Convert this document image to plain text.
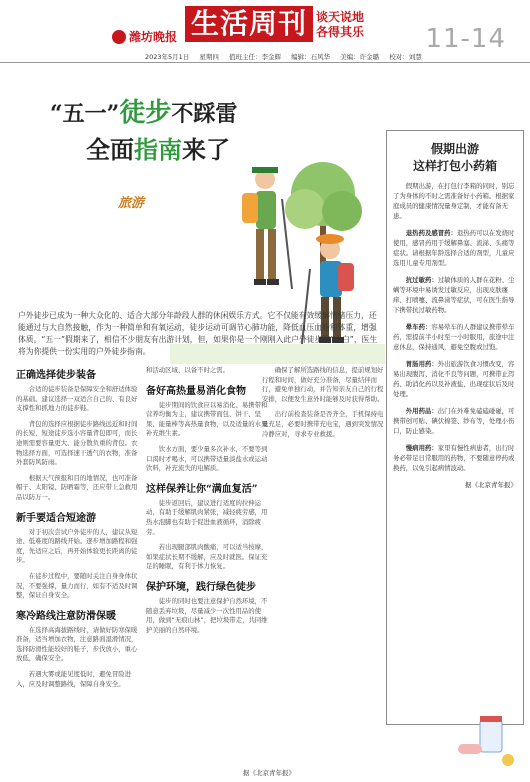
潍坊晚报 生活周刊 谈天说地
各得其乐 11-14
2023年5月1日 星期四 值班主任：李金辉 编辑：石风华 美编：许金璐 校对：刘慧
“五一”徒步不踩雷
全面指南来了
旅游
户外徒步已成为一种大众化的、适合大部分年龄段人群的休闲娱乐方式。它不仅能有效缓解情绪压力，还能通过与大自然接触，作为一种简单和有氧运动，徒步运动可调节心肺功能，降低血压血脂和体重，增强体质。“五一”假期来了，相信不少朋友有出游计划，但，如果你是一个刚刚入此户外徒步的“小白”，医生将为你提供一份实用的户外徒步指南。
假期出游
这样打包小药箱

假期出游，在打包行李箱的同时，别忘了为身体的不时之需准备好小药箱。根据家庭成员的健康情况量身定制，才能有备无患。

退热药及感冒药：退热药可以在发烧时使用，感冒药用于缓解鼻塞、流涕、头痛等症状。请根据年龄选择合适的剂型，儿童应选用儿童专用剂型。

抗过敏药：过敏体质的人群在花粉、尘螨等环境中易诱发过敏反应，出现皮肤瘙痒、打喷嚏、流鼻涕等症状，可在医生指导下携带抗过敏药物。

晕车药：容易晕车的人群建议携带晕车药，需提前半小时至一小时服用，旅途中注意休息，保持通风，避免空腹或过饱。

胃肠用药：外出旅游饮食习惯改变，容易出现腹泻、消化不良等问题，可携带止泻药、助消化药以及补液盐，出现症状后及时处理。

外用药品：出门在外难免磕磕碰碰，可携带创可贴、碘伏棉签、纱布等，处理小伤口，防止感染。

慢病用药：家里有慢性病患者，出行时务必带足日常服用的药物，不要随意停药或换药，以免引起病情波动。

据《北京青年报》
正确选择徒步装备

合适的徒步装备是保障安全和舒适体验的基础。建议选择一双适合自己的、有良好支撑性和抓地力的徒步鞋。

背包的选择应根据徒步路线远近和时间的长短，短途徒步选小容量背包即可，而长途则需要容量更大、能分散负重的背包。衣物选择方面，可选择速干透气的衣物，准备外套防风防雨。

根据天气预报和目的地情况，也可准备帽子、太阳镜、防晒霜等，还应带上急救用品以防万一。

新手要适合短途游

对于初次尝试户外徒步的人，建议从短途、低难度的路线开始。逐步增加路程和强度，先适应之后，再开始体验更长距离的徒步。

在徒步过程中，要随时关注自身身体状况，不要强撑，量力而行，如有不适及时调整，保证自身安全。

寒冷路线注意防滑保暖

在选择高海拔路线时，请做好防寒保暖准备，适当增加衣物，注意路面湿滑情况，选择防滑性能较好的鞋子，步伐放小，重心放低，确保安全。

若遇大雾或能见度低时，避免冒险进入，应及时调整路线，保障自身安全。

和活动区域，以备不时之需。

备好高热量易消化食物

徒步期间的饮食应以易消化、易携带和营养均衡为主，建议携带面包、饼干、坚果、能量棒等高热量食物，以及适量的水果补充维生素。

饮水方面，要少量多次补水，不要等到口渴时才喝水，可以携带适量淡盐水或运动饮料，补充流失的电解质。

这样保养让你“满血复活”

徒步返回后，建议进行适度的拉伸运动，有助于缓解肌肉紧张，减轻疲劳感，用热水泡脚也有助于促进血液循环，消除疲劳。

若出现腿部肌肉酸痛，可以适当按摩，如果症状长期不缓解，应及时就医。保证充足的睡眠，有利于体力恢复。

保护环境，践行绿色徒步

徒步的同时也要注意保护自然环境，不随意丢弃垃圾，尽量减少一次性用品的使用，做到“无痕山林”，把垃圾带走，共同维护美丽的自然环境。

确保了解所选路线的信息，提前规划好行程和时间，做好充分准备，尽量结伴而行，避免单独行动，并告知亲友自己的行程安排，以便发生意外时能够及时获得帮助。

出行前检查装备是否齐全，手机保持电量充足，必要时携带充电宝，遇到突发情况冷静应对，寻求专业救援。

据《北京青年报》
